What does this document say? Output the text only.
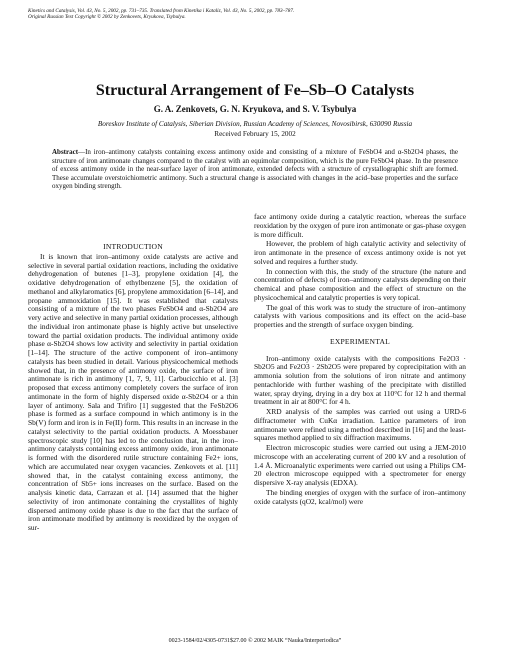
Kinetics and Catalysis, Vol. 43, No. 5, 2002, pp. 731–735. Translated from Kinetika i Kataliz, Vol. 43, No. 5, 2002, pp. 783–787.
Original Russian Text Copyright © 2002 by Zenkovets, Kryukova, Tsybulya.
Structural Arrangement of Fe–Sb–O Catalysts
G. A. Zenkovets, G. N. Kryukova, and S. V. Tsybulya
Boreskov Institute of Catalysis, Siberian Division, Russian Academy of Sciences, Novosibirsk, 630090 Russia
Received February 15, 2002
Abstract—In iron–antimony catalysts containing excess antimony oxide and consisting of a mixture of FeSbO4 and α-Sb2O4 phases, the structure of iron antimonate changes compared to the catalyst with an equimolar composition, which is the pure FeSbO4 phase. In the presence of excess antimony oxide in the near-surface layer of iron antimonate, extended defects with a structure of crystallographic shift are formed. These accumulate overstoichiometric antimony. Such a structural change is associated with changes in the acid–base properties and the surface oxygen binding strength.

INTRODUCTION

It is known that iron–antimony oxide catalysts are active and selective in several partial oxidation reactions, including the oxidative dehydrogenation of butenes [1–3], propylene oxidation [4], the oxidative dehydrogenation of ethylbenzene [5], the oxidation of methanol and alkylaromatics [6], propylene ammoxidation [6–14], and propane ammoxidation [15]. It was established that catalysts consisting of a mixture of the two phases FeSbO4 and α-Sb2O4 are very active and selective in many partial oxidation processes, although the individual iron antimonate phase is highly active but unselective toward the partial oxidation products. The individual antimony oxide phase α-Sb2O4 shows low activity and selectivity in partial oxidation [1–14]. The structure of the active component of iron–antimony catalysts has been studied in detail. Various physicochemical methods showed that, in the presence of antimony oxide, the surface of iron antimonate is rich in antimony [1, 7, 9, 11]. Carbucicchio et al. [3] proposed that excess antimony completely covers the surface of iron antimonate in the form of highly dispersed oxide α-Sb2O4 or a thin layer of antimony. Sala and Trifiro [1] suggested that the FeSb2O6 phase is formed as a surface compound in which antimony is in the Sb(V) form and iron is in Fe(II) form. This results in an increase in the catalyst selectivity to the partial oxidation products. A Moessbauer spectroscopic study [10] has led to the conclusion that, in the iron–antimony catalysts containing excess antimony oxide, iron antimonate is formed with the disordered rutile structure containing Fe2+ ions, which are accumulated near oxygen vacancies. Zenkovets et al. [11] showed that, in the catalyst containing excess antimony, the concentration of Sb5+ ions increases on the surface. Based on the analysis kinetic data, Carrazan et al. [14] assumed that the higher selectivity of iron antimonate containing the crystallites of highly dispersed antimony oxide phase is due to the fact that the surface of iron antimonate modified by antimony is reoxidized by the oxygen of sur-

face antimony oxide during a catalytic reaction, whereas the surface reoxidation by the oxygen of pure iron antimonate or gas-phase oxygen is more difficult.

However, the problem of high catalytic activity and selectivity of iron antimonate in the presence of excess antimony oxide is not yet solved and requires a further study.

In connection with this, the study of the structure (the nature and concentration of defects) of iron–antimony catalysts depending on their chemical and phase composition and the effect of structure on the physicochemical and catalytic properties is very topical.

The goal of this work was to study the structure of iron–antimony catalysts with various compositions and its effect on the acid–base properties and the strength of surface oxygen binding.

EXPERIMENTAL

Iron–antimony oxide catalysts with the compositions Fe2O3 · Sb2O5 and Fe2O3 · 2Sb2O5 were prepared by coprecipitation with an ammonia solution from the solutions of iron nitrate and antimony pentachloride with further washing of the precipitate with distilled water, spray drying, drying in a dry box at 110°C for 12 h and thermal treatment in air at 800°C for 4 h.

XRD analysis of the samples was carried out using a URD-6 diffractometer with CuKα irradiation. Lattice parameters of iron antimonate were refined using a method described in [16] and the least-squares method applied to six diffraction maximums.

Electron microscopic studies were carried out using a JEM-2010 microscope with an accelerating current of 200 kV and a resolution of 1.4 Å. Microanalytic experiments were carried out using a Philips CM-20 electron microscope equipped with a spectrometer for energy dispersive X-ray analysis (EDXA).

The binding energies of oxygen with the surface of iron–antimony oxide catalysts (qO2, kcal/mol) were

0023-1584/02/4305-0731$27.00 © 2002 MAIK “Nauka/Interperiodica”
